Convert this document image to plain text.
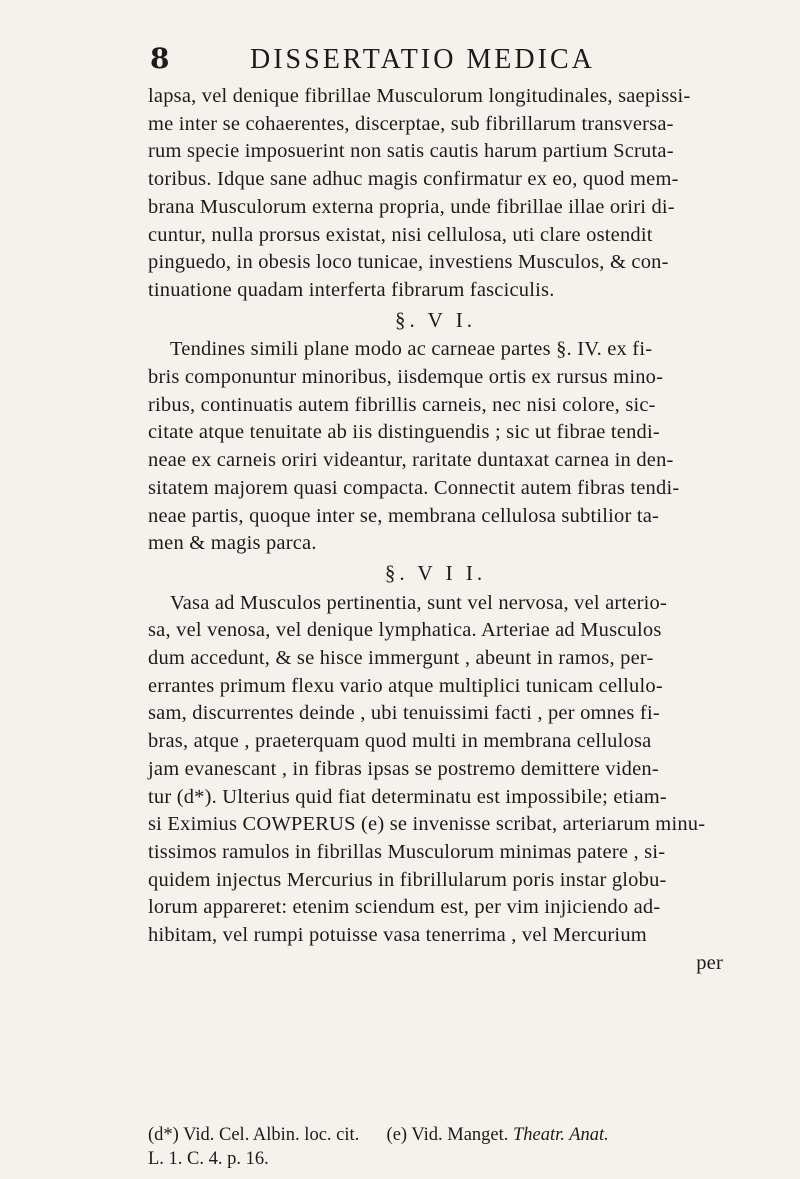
8	DISSERTATIO MEDICA
lapsa, vel denique fibrillae Musculorum longitudinales, saepissi-
me inter se cohaerentes, discerptae, sub fibrillarum transversa-
rum specie imposuerint non satis cautis harum partium Scruta-
toribus. Idque sane adhuc magis confirmatur ex eo, quod mem-
brana Musculorum externa propria, unde fibrillae illae oriri di-
cuntur, nulla prorsus existat, nisi cellulosa, uti clare ostendit
pinguedo, in obesis loco tunicae, investiens Musculos, & con-
tinuatione quadam interferta fibrarum fasciculis.
§. V I.
Tendines simili plane modo ac carneae partes §. IV. ex fi-
bris componuntur minoribus, iisdemque ortis ex rursus mino-
ribus, continuatis autem fibrillis carneis, nec nisi colore, sic-
citate atque tenuitate ab iis distinguendis ; sic ut fibrae tendi-
neae ex carneis oriri videantur, raritate duntaxat carnea in den-
sitatem majorem quasi compacta. Connectit autem fibras tendi-
neae partis, quoque inter se, membrana cellulosa subtilior ta-
men & magis parca.
§. V I I.
Vasa ad Musculos pertinentia, sunt vel nervosa, vel arterio-
sa, vel venosa, vel denique lymphatica. Arteriae ad Musculos
dum accedunt, & se hisce immergunt , abeunt in ramos, per-
errantes primum flexu vario atque multiplici tunicam cellulo-
sam, discurrentes deinde , ubi tenuissimi facti , per omnes fi-
bras, atque , praeterquam quod multi in membrana cellulosa
jam evanescant , in fibras ipsas se postremo demittere viden-
tur (d*). Ulterius quid fiat determinatu est impossibile; etiam-
si Eximius COWPERUS (e) se invenisse scribat, arteriarum minu-
tissimos ramulos in fibrillas Musculorum minimas patere , si-
quidem injectus Mercurius in fibrillularum poris instar globu-
lorum appareret: etenim sciendum est, per vim injiciendo ad-
hibitam, vel rumpi potuisse vasa tenerrima , vel Mercurium
per
(d*) Vid. Cel. Albin. loc. cit. (e) Vid. Manget. Theatr. Anat.
L. 1. C. 4. p. 16.
